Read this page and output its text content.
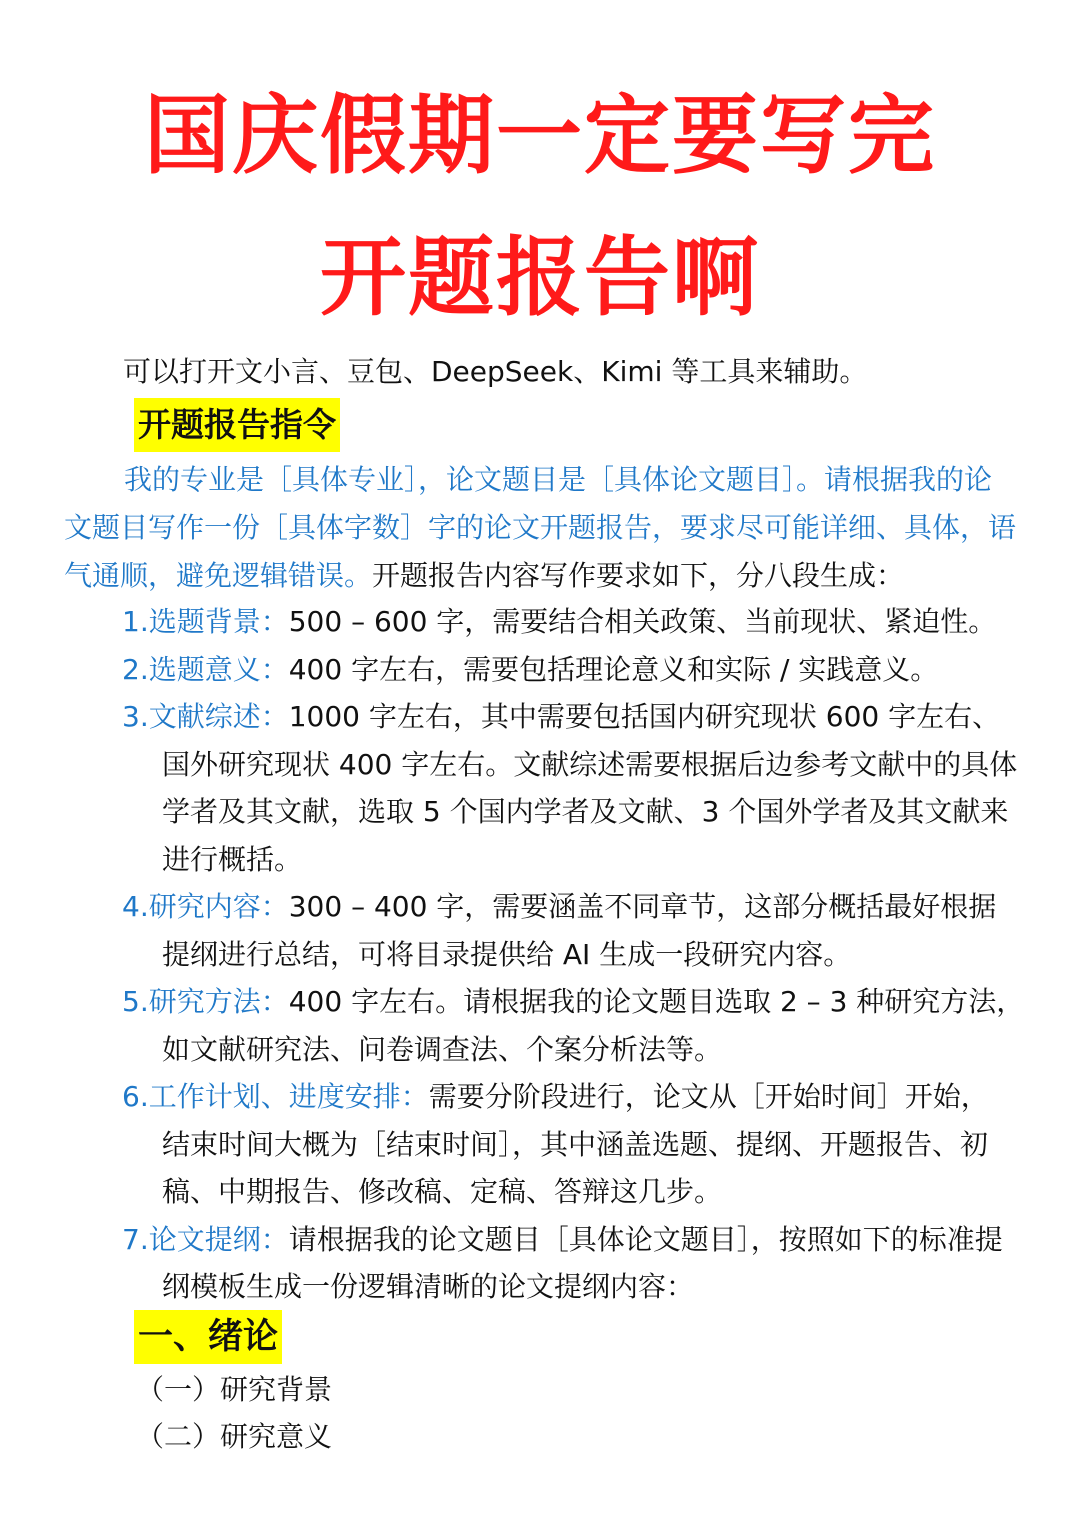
国庆假期一定要写完
开题报告啊
可以打开文小言、豆包、DeepSeek、Kimi 等工具来辅助。
开题报告指令
我的专业是［具体专业］，论文题目是［具体论文题目］。请根据我的论文题目写作一份［具体字数］字的论文开题报告，要求尽可能详细、具体，语气通顺，避免逻辑错误。开题报告内容写作要求如下，分八段生成：
1.选题背景：500 – 600 字，需要结合相关政策、当前现状、紧迫性。
2.选题意义：400 字左右，需要包括理论意义和实际 / 实践意义。
3.文献综述：1000 字左右，其中需要包括国内研究现状 600 字左右、
国外研究现状 400 字左右。文献综述需要根据后边参考文献中的具体学者及其文献，选取 5 个国内学者及文献、3 个国外学者及其文献来进行概括。
4.研究内容：300 – 400 字，需要涵盖不同章节，这部分概括最好根据
提纲进行总结，可将目录提供给 AI 生成一段研究内容。
5.研究方法：400 字左右。请根据我的论文题目选取 2 – 3 种研究方法，
如文献研究法、问卷调查法、个案分析法等。
6.工作计划、进度安排：需要分阶段进行，论文从［开始时间］开始，
结束时间大概为［结束时间］，其中涵盖选题、提纲、开题报告、初稿、中期报告、修改稿、定稿、答辩这几步。
7.论文提纲：请根据我的论文题目［具体论文题目］，按照如下的标准提
纲模板生成一份逻辑清晰的论文提纲内容：
一、绪论
（一）研究背景
（二）研究意义
